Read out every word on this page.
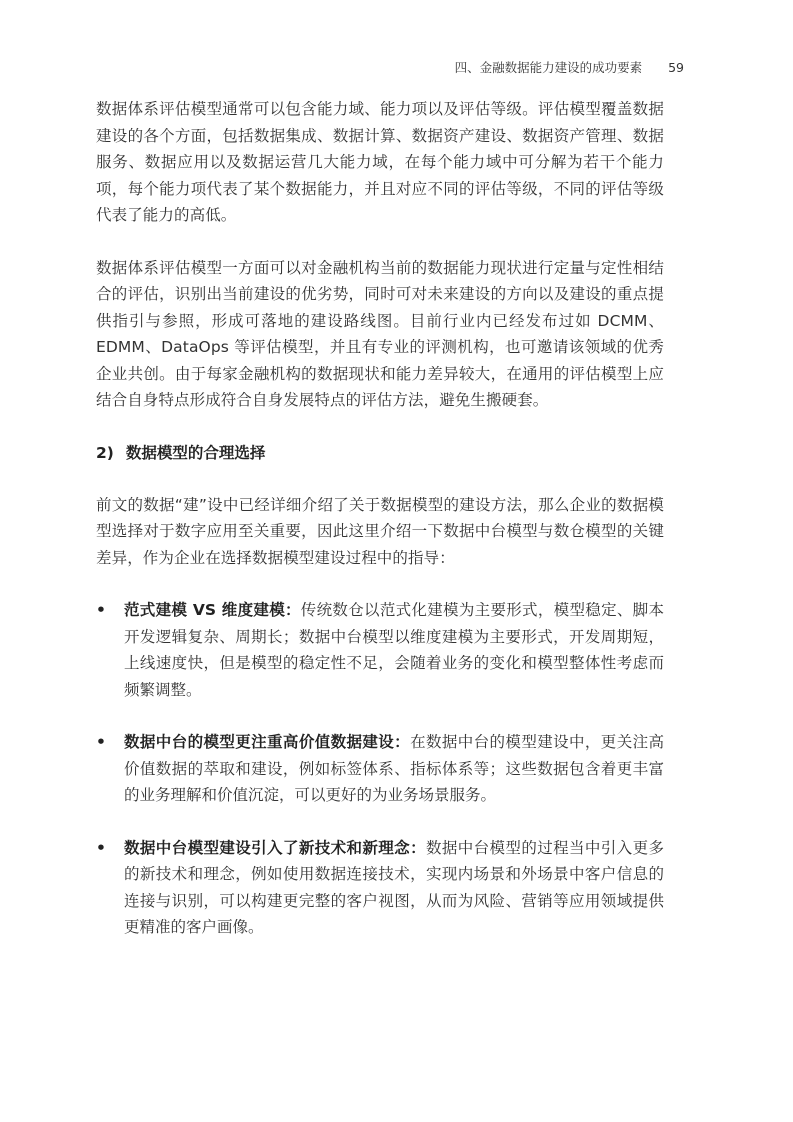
四、金融数据能力建设的成功要素 59

数据体系评估模型通常可以包含能力域、能力项以及评估等级。评估模型覆盖数据建设的各个方面，包括数据集成、数据计算、数据资产建设、数据资产管理、数据服务、数据应用以及数据运营几大能力域，在每个能力域中可分解为若干个能力项，每个能力项代表了某个数据能力，并且对应不同的评估等级，不同的评估等级代表了能力的高低。

数据体系评估模型一方面可以对金融机构当前的数据能力现状进行定量与定性相结合的评估，识别出当前建设的优劣势，同时可对未来建设的方向以及建设的重点提供指引与参照，形成可落地的建设路线图。目前行业内已经发布过如 DCMM、EDMM、DataOps 等评估模型，并且有专业的评测机构，也可邀请该领域的优秀企业共创。由于每家金融机构的数据现状和能力差异较大，在通用的评估模型上应结合自身特点形成符合自身发展特点的评估方法，避免生搬硬套。

2) 数据模型的合理选择

前文的数据“建”设中已经详细介绍了关于数据模型的建设方法，那么企业的数据模型选择对于数字应用至关重要，因此这里介绍一下数据中台模型与数仓模型的关键差异，作为企业在选择数据模型建设过程中的指导：

• 范式建模 VS 维度建模：传统数仓以范式化建模为主要形式，模型稳定、脚本开发逻辑复杂、周期长；数据中台模型以维度建模为主要形式，开发周期短，上线速度快，但是模型的稳定性不足，会随着业务的变化和模型整体性考虑而频繁调整。
• 数据中台的模型更注重高价值数据建设：在数据中台的模型建设中，更关注高价值数据的萃取和建设，例如标签体系、指标体系等；这些数据包含着更丰富的业务理解和价值沉淀，可以更好的为业务场景服务。
• 数据中台模型建设引入了新技术和新理念：数据中台模型的过程当中引入更多的新技术和理念，例如使用数据连接技术，实现内场景和外场景中客户信息的连接与识别，可以构建更完整的客户视图，从而为风险、营销等应用领域提供更精准的客户画像。
